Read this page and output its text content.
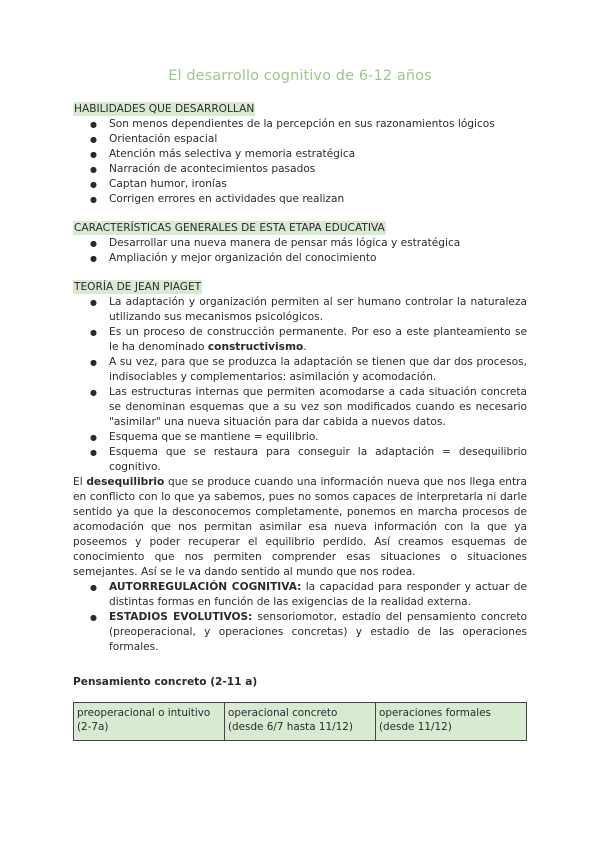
El desarrollo cognitivo de 6-12 años
HABILIDADES QUE DESARROLLAN
● Son menos dependientes de la percepción en sus razonamientos lógicos
● Orientación espacial
● Atención más selectiva y memoria estratégica
● Narración de acontecimientos pasados
● Captan humor, ironías
● Corrigen errores en actividades que realizan
CARACTERÍSTICAS GENERALES DE ESTA ETAPA EDUCATIVA
● Desarrollar una nueva manera de pensar más lógica y estratégica
● Ampliación y mejor organización del conocimiento
TEORÍA DE JEAN PIAGET
● La adaptación y organización permiten al ser humano controlar la naturaleza utilizando sus mecanismos psicológicos.
● Es un proceso de construcción permanente. Por eso a este planteamiento se le ha denominado constructivismo.
● A su vez, para que se produzca la adaptación se tienen que dar dos procesos, indisociables y complementarios: asimilación y acomodación.
● Las estructuras internas que permiten acomodarse a cada situación concreta se denominan esquemas que a su vez son modificados cuando es necesario "asimilar" una nueva situación para dar cabida a nuevos datos.
● Esquema que se mantiene = equilibrio.
● Esquema que se restaura para conseguir la adaptación = desequilibrio cognitivo.

El desequilibrio que se produce cuando una información nueva que nos llega entra en conflicto con lo que ya sabemos, pues no somos capaces de interpretarla ni darle sentido ya que la desconocemos completamente, ponemos en marcha procesos de acomodación que nos permitan asimilar esa nueva información con la que ya poseemos y poder recuperar el equilibrio perdido. Así creamos esquemas de conocimiento que nos permiten comprender esas situaciones o situaciones semejantes. Así se le va dando sentido al mundo que nos rodea.

● AUTORREGULACIÓN COGNITIVA: la capacidad para responder y actuar de distintas formas en función de las exigencias de la realidad externa.
● ESTADIOS EVOLUTIVOS: sensoriomotor, estadio del pensamiento concreto (preoperacional, y operaciones concretas) y estadio de las operaciones formales.
Pensamiento concreto (2-11 a)
preoperacional o intuitivo (2-7a)	operacional concreto (desde 6/7 hasta 11/12)	operaciones formales (desde 11/12)
